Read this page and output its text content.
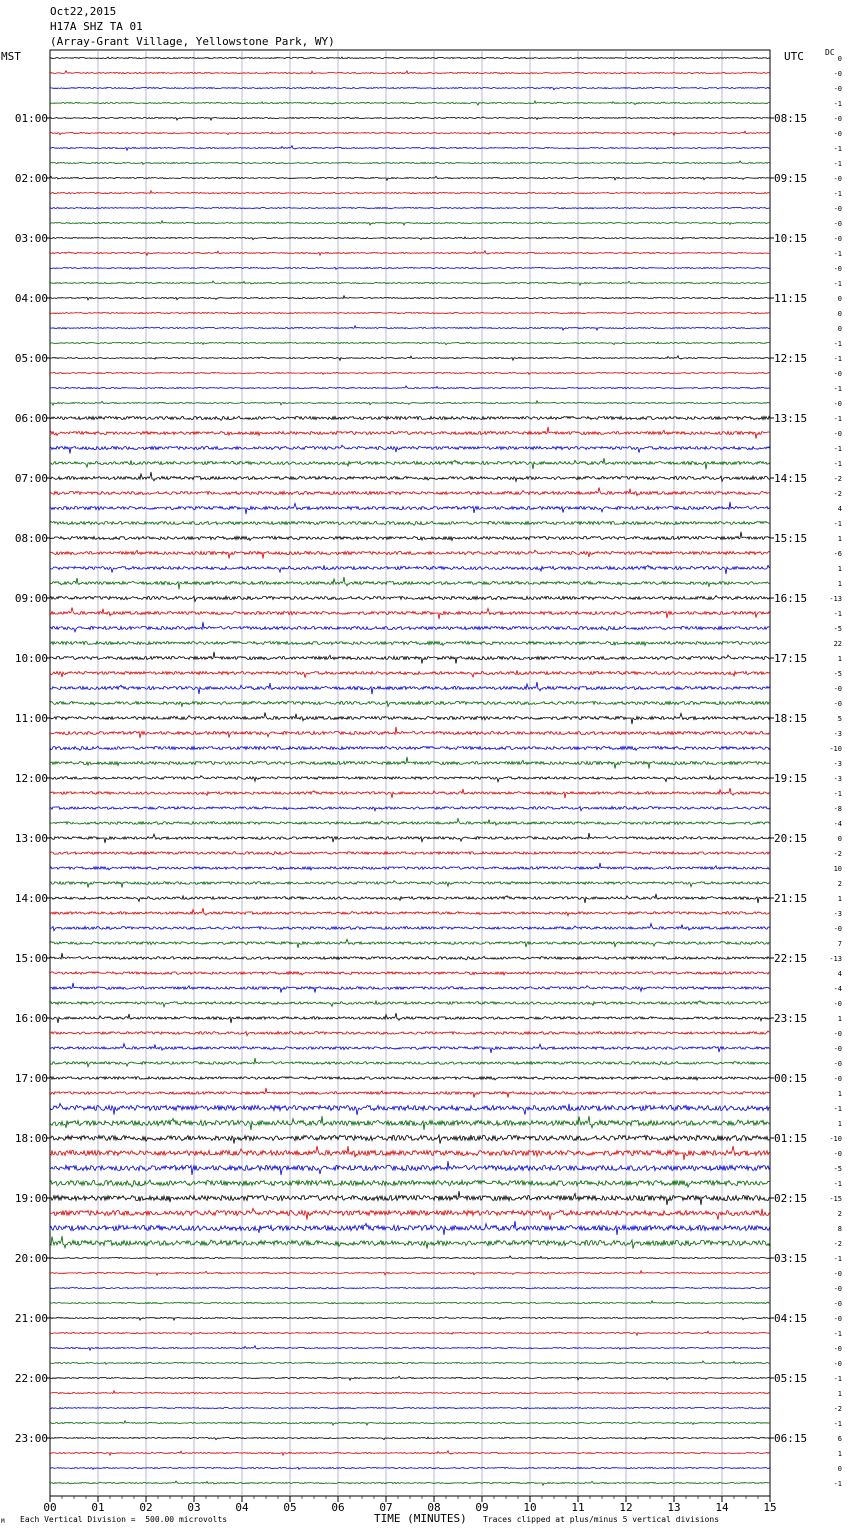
Oct22,2015
H17A SHZ TA 01
(Array-Grant Village, Yellowstone Park, WY)
MST	UTC	DC
00	01	02	03	04	05	06	07	08	09	10	11	12	13	14	15
0
-0
-0
-1
-0
-0
-1
-1
-0
-1
-0
-0
-0
-1
-0
-1
0
0
0
-1
-1
-0
-1
-0
-1
-0
-1
-1
-2
-2
4
-1
1
-6
1
1
-13
-1
-5
22
1
-5
-0
-0
5
-3
-10
-3
-3
-1
-8
-4
0
-2
10
2
1
-3
-0
7
-13
4
-4
-0
1
-0
-0
-0
-0
1
-1
1
-10
-0
-5
-1
-15
2
8
-2
-1
-0
-0
-0
-0
-1
-0
-0
-1
1
-2
-1
6
1
0
-1
01:00
02:00
03:00
04:00
05:00
06:00
07:00
08:00
09:00
10:00
11:00
12:00
13:00
14:00
15:00
16:00
17:00
18:00
19:00
20:00
21:00
22:00
23:00
08:15
09:15
10:15
11:15
12:15
13:15
14:15
15:15
16:15
17:15
18:15
19:15
20:15
21:15
22:15
23:15
00:15
01:15
02:15
03:15
04:15
05:15
06:15
M Each Vertical Division =  500.00 microvolts	TIME (MINUTES) Traces clipped at plus/minus 5 vertical divisions
